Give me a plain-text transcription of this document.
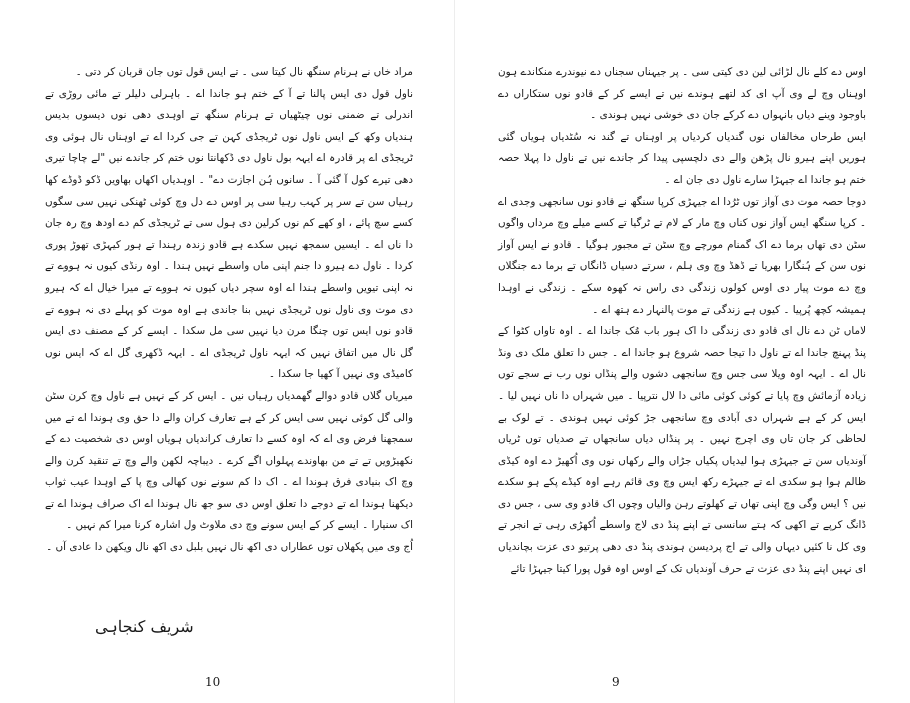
مراد خاں نے ہرنام سنگھ نال کیتا سی ۔ تے ایس قول توں جان قربان کر دتی ۔

ناول قول دی ایس پالنا تے آ کے ختم ہو جاندا اے ۔ باہرلی دلیلر تے مائی روڑی تے اندرلی تے ضمنی نوں چیٹھیاں تے ہرنام سنگھ تے اوہدی دھی نوں دیسوں بدیس ہندیاں وکھ کے ایس ناول نوں ٹریجڈی کہن تے جی کردا اے تے اوہناں نال ہوئی وی ٹریجڈی اے پر قادرہ اے ایہہ بول ناول دی ڈکھانتا نوں ختم کر جاندے نیں "لے چاچا تیری دھی تیرے کول آ گئی آ ۔ سانوں ہُن اجازت دے" ۔ اوہدیاں اکھاں بھاویں ڈکو ڈوڈے کھا رہیاں سن تے سر پر کہب رہیا سی پر اوس دے دل وچ کوئی ٹھنکی نہیں سی سگوں کسے سچ پائے ، او کھے کم نوں کرلین دی ہول سی تے ٹریجڈی کم دے اودھ وچ رہ جان دا ناں اے ۔ ایسیں سمجھ نہیں سکدے ہے قادو زندہ رہندا تے ہور کیہڑی تھوڑ پوری کردا ۔ ناول دے ہیرو دا جنم اپنی ماں واسطے نہیں ہندا ۔ اوہ رنڈی کیوں نہ ہووے تے نہ اپنی تیویں واسطے ہندا اے اوہ سچر دیاں کیوں نہ ہووے تے میرا خیال اے کہ ہیرو دی موت وی ناول نوں ٹریجڈی نہیں بنا جاندی ہے اوہ موت کو پہلے دی نہ ہووے تے قادو نوں ایس توں چنگا مرن دیا نہیں سی مل سکدا ۔ ایسے کر کے مصنف دی ایس گل نال میں اتفاق نہیں کہ ایہہ ناول ٹریجڈی اے ۔ ایہہ ڈکھری گل اے کہ ایس نوں کامیڈی وی نہیں آ کھیا جا سکدا ۔

میریاں گلاں قادو دوالے گھمدیاں رہیاں نیں ۔ ایس کر کے نہیں ہے ناول وچ کرن سٹن والی گل کوئی نہیں سی ایس کر کے ہے تعارف کران والے دا حق وی ہوندا اے تے میں سمجھنا فرض وی اے کہ اوہ کسے دا تعارف کراندیاں ہویاں اوس دی شخصیت دے کے نکھیڑویں تے تے من بھاوندے پہلواں اگے کرے ۔ دیباچہ لکھن والے وچ تے تنقید کرن والے وچ اک بنیادی فرق ہوندا اے ۔ اک دا کم سونے نوں کھالی وچ پا کے اوہدا عیب ثواب دیکھنا ہوندا اے تے دوجے دا تعلق اوس دی سو جھ نال ہوندا اے اک صراف ہوندا اے تے اک سنیارا ۔ ایسے کر کے ایس سونے وچ دی ملاوٹ ول اشارہ کرنا میرا کم نہیں ۔

اُج وی میں پکھلاں توں عطاراں دی اکھ نال نہیں بلبل دی اکھ نال ویکھن دا عادی آں ۔

شریف کنجاہی
10

اوس دے کلے نال لڑائی لین دی کیتی سی ۔ پر جیہناں سجناں دے نیوندرے منکاندے ہون اوہناں وچ لے وی آپ ای کد لتھے ہوندے نیں تے ایسے کر کے قادو نوں ستکاراں دے باوجود وینے دیاں بانہواں دے کرکے جان دی خوشی نہیں ہوندی ۔

ایس طرحاں مخالفاں نوں گندیاں کردیاں پر اوہناں تے گند نہ سُٹدیاں ہویاں گئی ہوریں اپنے ہیرو نال پڑھن والے دی دلچسپی پیدا کر جاندے نیں تے ناول دا پہلا حصہ ختم ہو جاندا اے جیہڑا سارے ناول دی جان اے ۔

دوجا حصہ موت دی آواز توں ٹرُدا اے جیہڑی کرپا سنگھ نے قادو نوں سانجھی وجدی اے ۔ کرپا سنگھ ایس آواز نوں کناں وچ مار کے لام تے ٹرگیا تے کسے میلے وچ مرداں واگوں سٹن دی تھاں برما دے اک گمنام مورچے وچ سٹن تے مجبور ہوگیا ۔ قادو نے ایس آواز نوں سن کے ہُنگارا بھریا تے ڈھڈ وچ وی ہلم ، سرتے دسیاں ڈانگاں تے برما دے جنگلاں وچ دے موت پیار دی اوس کولوں زندگی دی راس نہ کھوہ سکے ۔ زندگی نے اوہدا ہمیشہ کچھ پُرپیا ۔ کیوں ہے زندگی تے موت پالنہار دے ہتھ اے ۔

لاماں ٹن دے نال ای قادو دی زندگی دا اک ہور باب مُک جاندا اے ۔ اوہ تاواں کٹوا کے پنڈ پہنچ جاندا اے تے ناول دا تیجا حصہ شروع ہو جاندا اے ۔ جس دا تعلق ملک دی ونڈ نال اے ۔ ایہہ اوہ ویلا سی جس وچ سانجھی دشوں والے پنڈاں نوں رب نے سجے توں زیادہ آزمائش وچ پایا تے کوئی کوئی مائی دا لال نترپیا ۔ میں شہراں دا ناں نہیں لیا ۔ ایس کر کے ہے شہراں دی آبادی وچ سانجھی جڑ کوئی نہیں ہوندی ۔ تے لوک بے لحاظی کر جان تاں وی اچرج نہیں ۔ پر پنڈاں دیاں سانجھاں تے صدیاں توں ٹریاں آوندیاں سن تے جیہڑی ہوا لیدیاں پکیاں جڑاں والے رکھاں نوں وی اُکھیڑ دے اوہ کیڈی ظالم ہوا ہو سکدی اے تے جیہڑے رکھ ایس وچ وی قائم رہے اوہ کیڈے پکے ہو سکدے نیں ؟ ایس وگی وچ اپنی تھاں تے کھلوتے رہن والیاں وچوں اک قادو وی سی ، جس دی ڈانگ کرپے تے اکھی کہ ہتے سانسی تے اپنے پنڈ دی لاج واسطے اُکھڑی رہی تے انجر تے وی کل نا کئیں دیہاں والی تے اج پردیسن ہوندی پنڈ دی دھی پرتیو دی عزت بچاندیاں ای نہیں اپنے پنڈ دی عزت تے حرف آوندیاں تک کے اوس اوہ قول پورا کیتا جیہڑا تائے

9
